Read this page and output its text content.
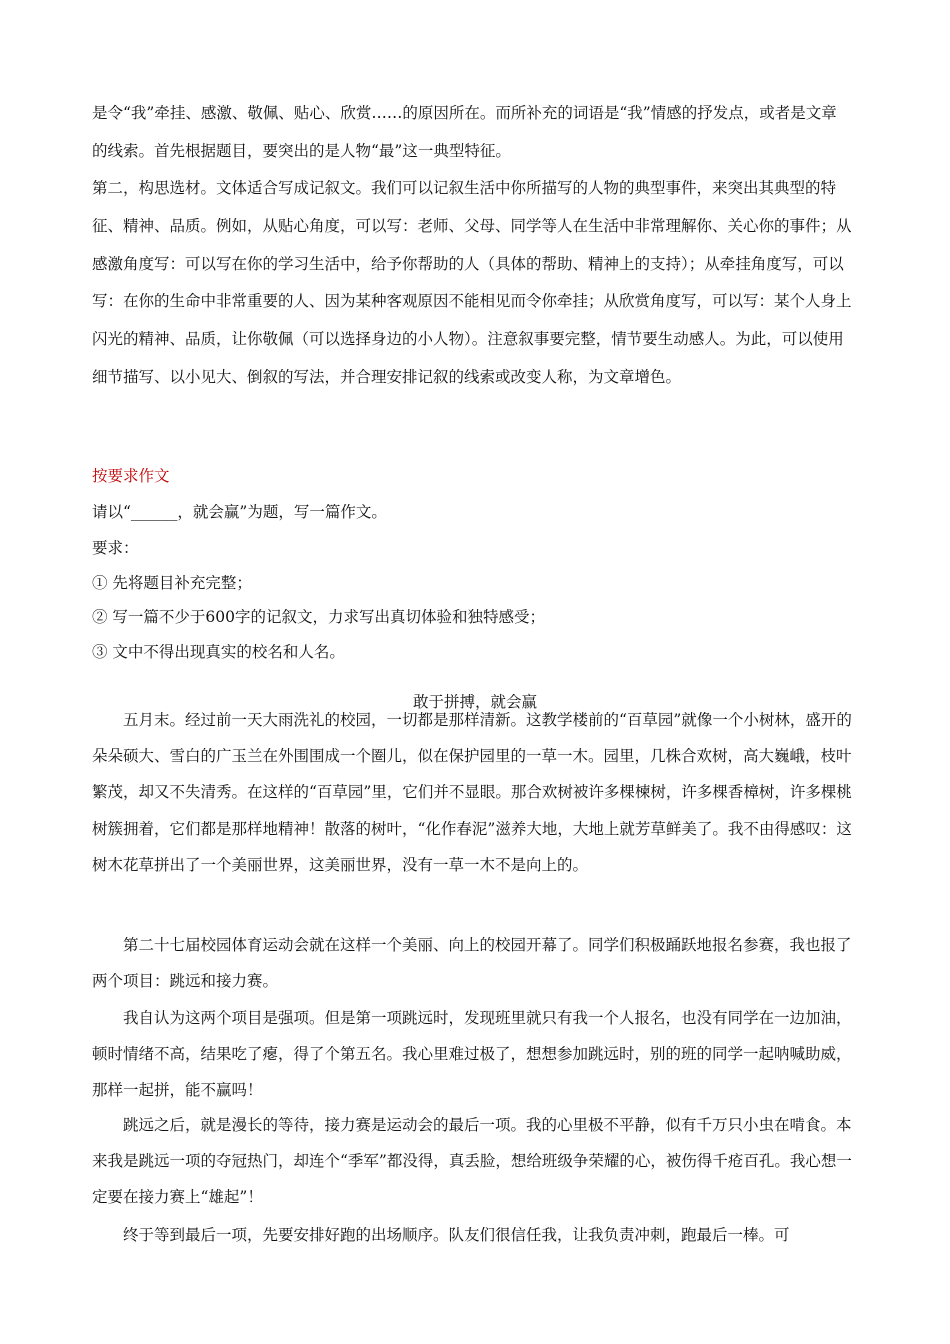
是令“我”牵挂、感激、敬佩、贴心、欣赏……的原因所在。而所补充的词语是“我”情感的抒发点，或者是文章的线索。首先根据题目，要突出的是人物“最”这一典型特征。

第二，构思选材。文体适合写成记叙文。我们可以记叙生活中你所描写的人物的典型事件，来突出其典型的特征、精神、品质。例如，从贴心角度，可以写：老师、父母、同学等人在生活中非常理解你、关心你的事件；从感激角度写：可以写在你的学习生活中，给予你帮助的人（具体的帮助、精神上的支持）；从牵挂角度写，可以写：在你的生命中非常重要的人、因为某种客观原因不能相见而令你牵挂；从欣赏角度写，可以写：某个人身上闪光的精神、品质，让你敬佩（可以选择身边的小人物）。注意叙事要完整，情节要生动感人。为此，可以使用细节描写、以小见大、倒叙的写法，并合理安排记叙的线索或改变人称，为文章增色。

按要求作文

请以“______，就会赢”为题，写一篇作文。

要求：

① 先将题目补充完整；

② 写一篇不少于600字的记叙文，力求写出真切体验和独特感受；

③ 文中不得出现真实的校名和人名。

敢于拼搏，就会赢

五月末。经过前一天大雨洗礼的校园，一切都是那样清新。这教学楼前的“百草园”就像一个小树林，盛开的朵朵硕大、雪白的广玉兰在外围围成一个圈儿，似在保护园里的一草一木。园里，几株合欢树，高大巍峨，枝叶繁茂，却又不失清秀。在这样的“百草园”里，它们并不显眼。那合欢树被许多棵楝树，许多棵香樟树，许多棵桃树簇拥着，它们都是那样地精神！散落的树叶，“化作春泥”滋养大地，大地上就芳草鲜美了。我不由得感叹：这树木花草拼出了一个美丽世界，这美丽世界，没有一草一木不是向上的。

第二十七届校园体育运动会就在这样一个美丽、向上的校园开幕了。同学们积极踊跃地报名参赛，我也报了两个项目：跳远和接力赛。

我自认为这两个项目是强项。但是第一项跳远时，发现班里就只有我一个人报名，也没有同学在一边加油，顿时情绪不高，结果吃了瘪，得了个第五名。我心里难过极了，想想参加跳远时，别的班的同学一起呐喊助威，那样一起拼，能不赢吗！

跳远之后，就是漫长的等待，接力赛是运动会的最后一项。我的心里极不平静，似有千万只小虫在啃食。本来我是跳远一项的夺冠热门，却连个“季军”都没得，真丢脸，想给班级争荣耀的心，被伤得千疮百孔。我心想一定要在接力赛上“雄起”！

终于等到最后一项，先要安排好跑的出场顺序。队友们很信任我，让我负责冲刺，跑最后一棒。可
